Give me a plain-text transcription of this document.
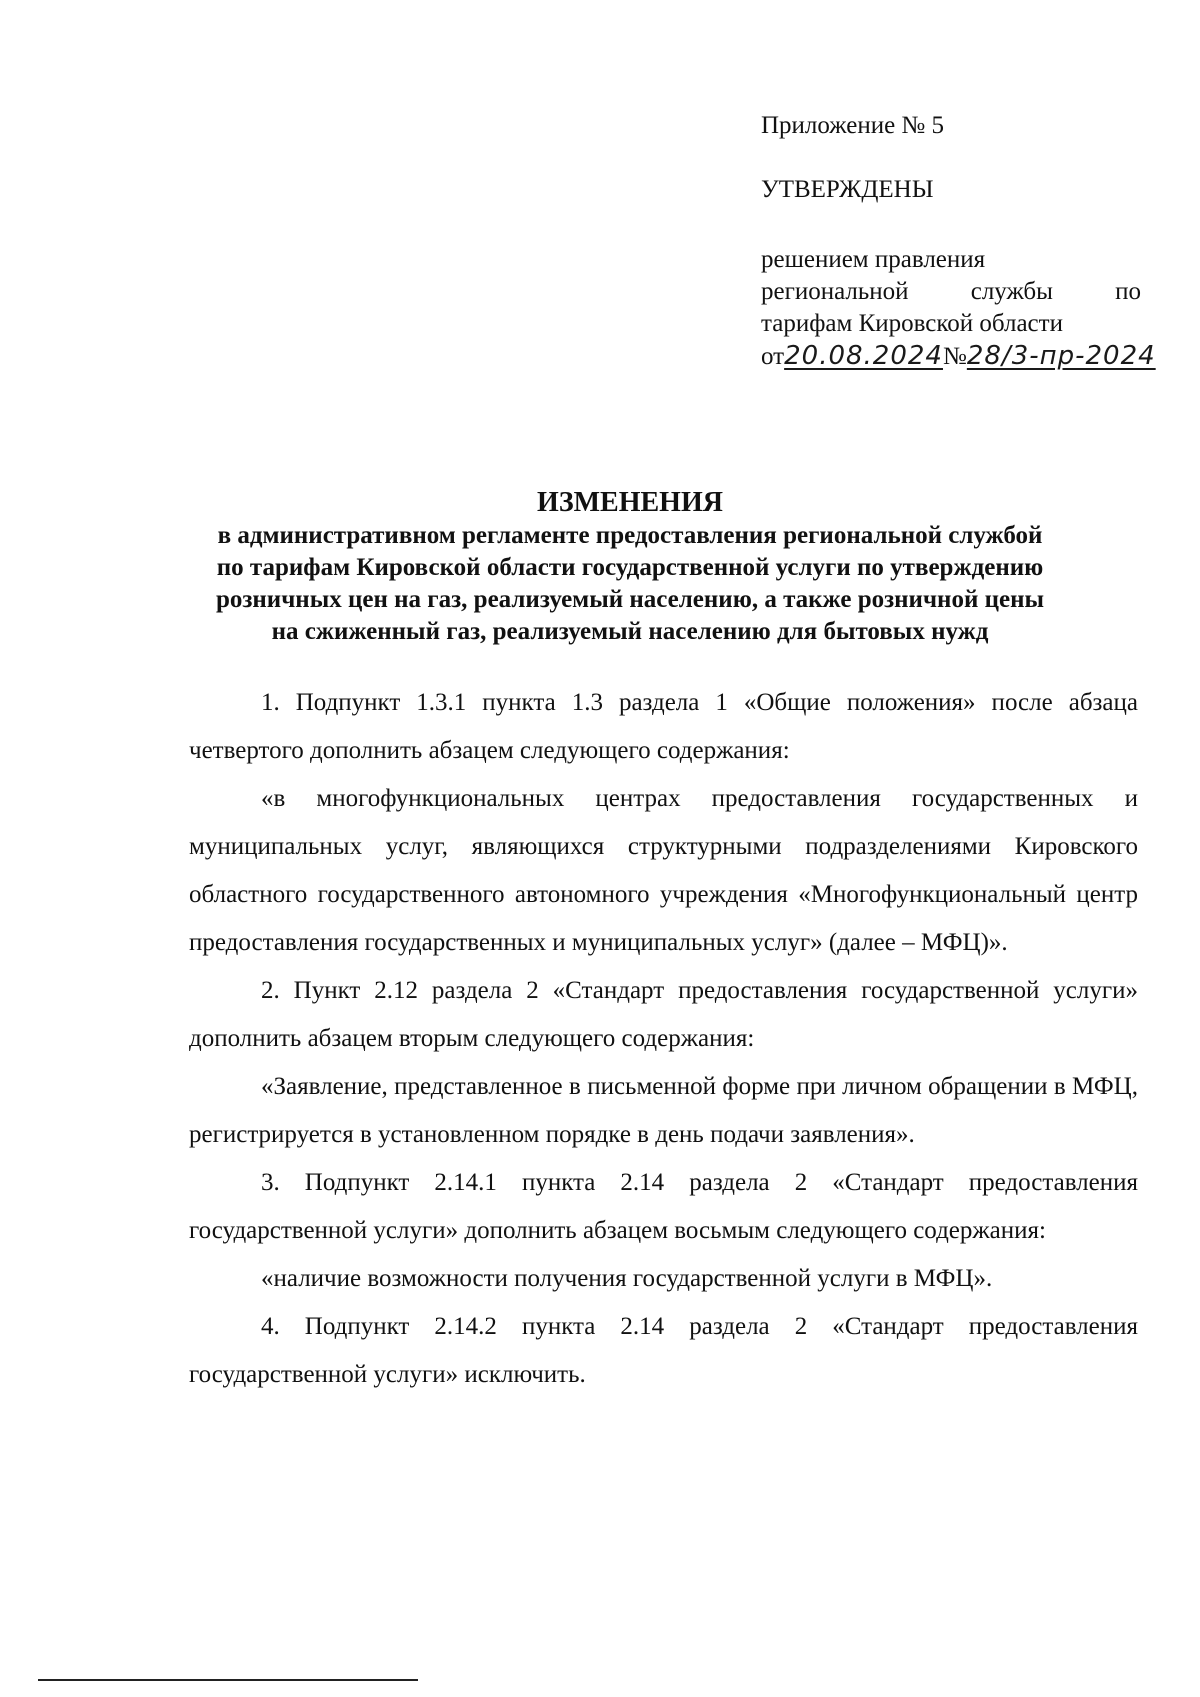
Приложение № 5
УТВЕРЖДЕНЫ
решением правления
региональной службы по
тарифам Кировской области
от20.08.2024№28/3-пр-2024
ИЗМЕНЕНИЯ
в административном регламенте предоставления региональной службой
по тарифам Кировской области государственной услуги по утверждению
розничных цен на газ, реализуемый населению, а также розничной цены
на сжиженный газ, реализуемый населению для бытовых нужд

1. Подпункт 1.3.1 пункта 1.3 раздела 1 «Общие положения» после абзаца четвертого дополнить абзацем следующего содержания:

«в многофункциональных центрах предоставления государственных и муниципальных услуг, являющихся структурными подразделениями Кировского областного государственного автономного учреждения «Многофункциональный центр предоставления государственных и муниципальных услуг» (далее – МФЦ)».

2. Пункт 2.12 раздела 2 «Стандарт предоставления государственной услуги» дополнить абзацем вторым следующего содержания:

«Заявление, представленное в письменной форме при личном обращении в МФЦ, регистрируется в установленном порядке в день подачи заявления».

3. Подпункт 2.14.1 пункта 2.14 раздела 2 «Стандарт предоставления государственной услуги» дополнить абзацем восьмым следующего содержания:

«наличие возможности получения государственной услуги в МФЦ».

4. Подпункт 2.14.2 пункта 2.14 раздела 2 «Стандарт предоставления государственной услуги» исключить.
